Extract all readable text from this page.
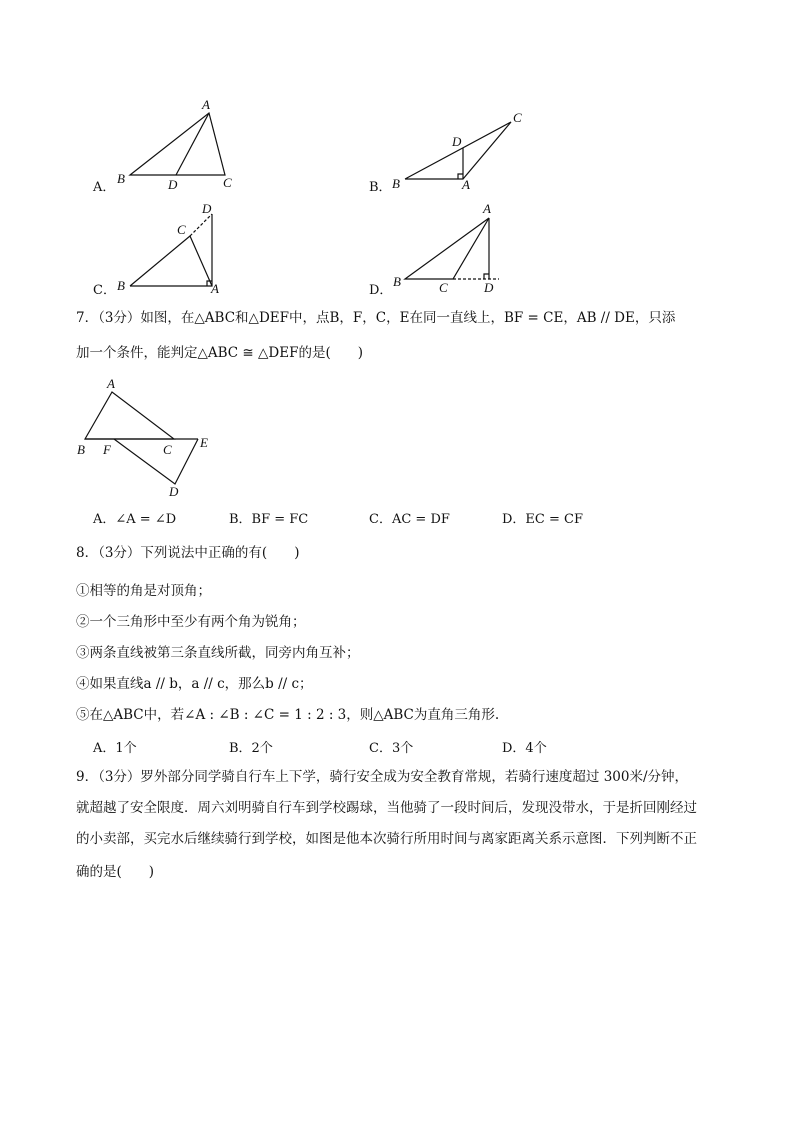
A．	B．
C．	D．
A
B	D	C
C
D
B	A
D
C
B	A
A
B	C	D
7．（3分）如图，在△ABC和△DEF中，点B，F，C，E在同一直线上，BF = CE，AB // DE，只添
加一个条件，能判定△ABC ≅ △DEF的是(　　)
A
B F	C E
D
A．∠A = ∠D	B．BF = FC	C．AC = DF	D．EC = CF
8．（3分）下列说法中正确的有(　　)
①相等的角是对顶角；
②一个三角形中至少有两个角为锐角；
③两条直线被第三条直线所截，同旁内角互补；
④如果直线a // b，a // c，那么b // c；
⑤在△ABC中，若∠A : ∠B : ∠C = 1 : 2 : 3，则△ABC为直角三角形.
A．1个	B．2个	C．3个	D．4个
9．（3分）罗外部分同学骑自行车上下学，骑行安全成为安全教育常规，若骑行速度超过 300米/分钟，
就超越了安全限度．周六刘明骑自行车到学校踢球，当他骑了一段时间后，发现没带水，于是折回刚经过
的小卖部，买完水后继续骑行到学校，如图是他本次骑行所用时间与离家距离关系示意图．下列判断不正
确的是(　　)
